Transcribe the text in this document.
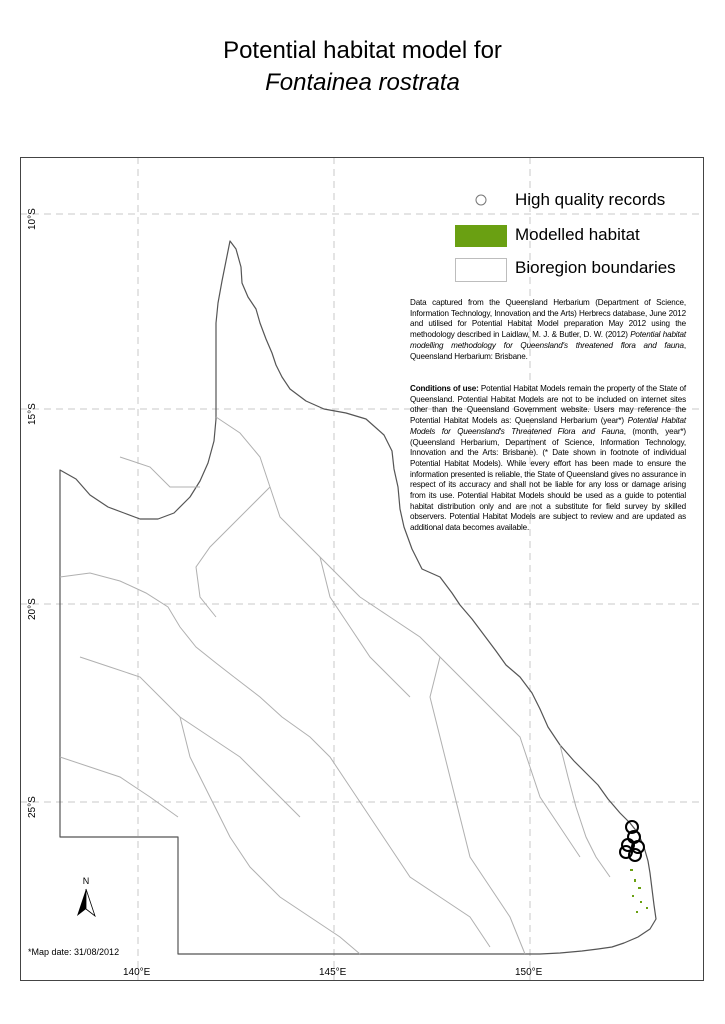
Potential habitat model for
Fontainea rostrata
10°S
15°S
20°S
25°S
140°E	145°E	150°E
High quality records
Modelled habitat
Bioregion boundaries
Data captured from the Queensland Herbarium (Department of Science, Information Technology, Innovation and the Arts) Herbrecs database, June 2012 and utilised for Potential Habitat Model preparation May 2012 using the methodology described in Laidlaw, M. J. & Butler, D. W. (2012) Potential habitat modelling methodology for Queensland's threatened flora and fauna, Queensland Herbarium: Brisbane.
Conditions of use: Potential Habitat Models remain the property of the State of Queensland. Potential Habitat Models are not to be included on internet sites other than the Queensland Government website. Users may reference the Potential Habitat Models as: Queensland Herbarium (year*) Potential Habitat Models for Queensland's Threatened Flora and Fauna, (month, year*) (Queensland Herbarium, Department of Science, Information Technology, Innovation and the Arts: Brisbane). (* Date shown in footnote of individual Potential Habitat Models). While every effort has been made to ensure the information presented is reliable, the State of Queensland gives no assurance in respect of its accuracy and shall not be liable for any loss or damage arising from its use. Potential Habitat Models should be used as a guide to potential habitat distribution only and are not a substitute for field survey by skilled observers. Potential Habitat Models are subject to review and are updated as additional data becomes available.
N
*Map date: 31/08/2012
